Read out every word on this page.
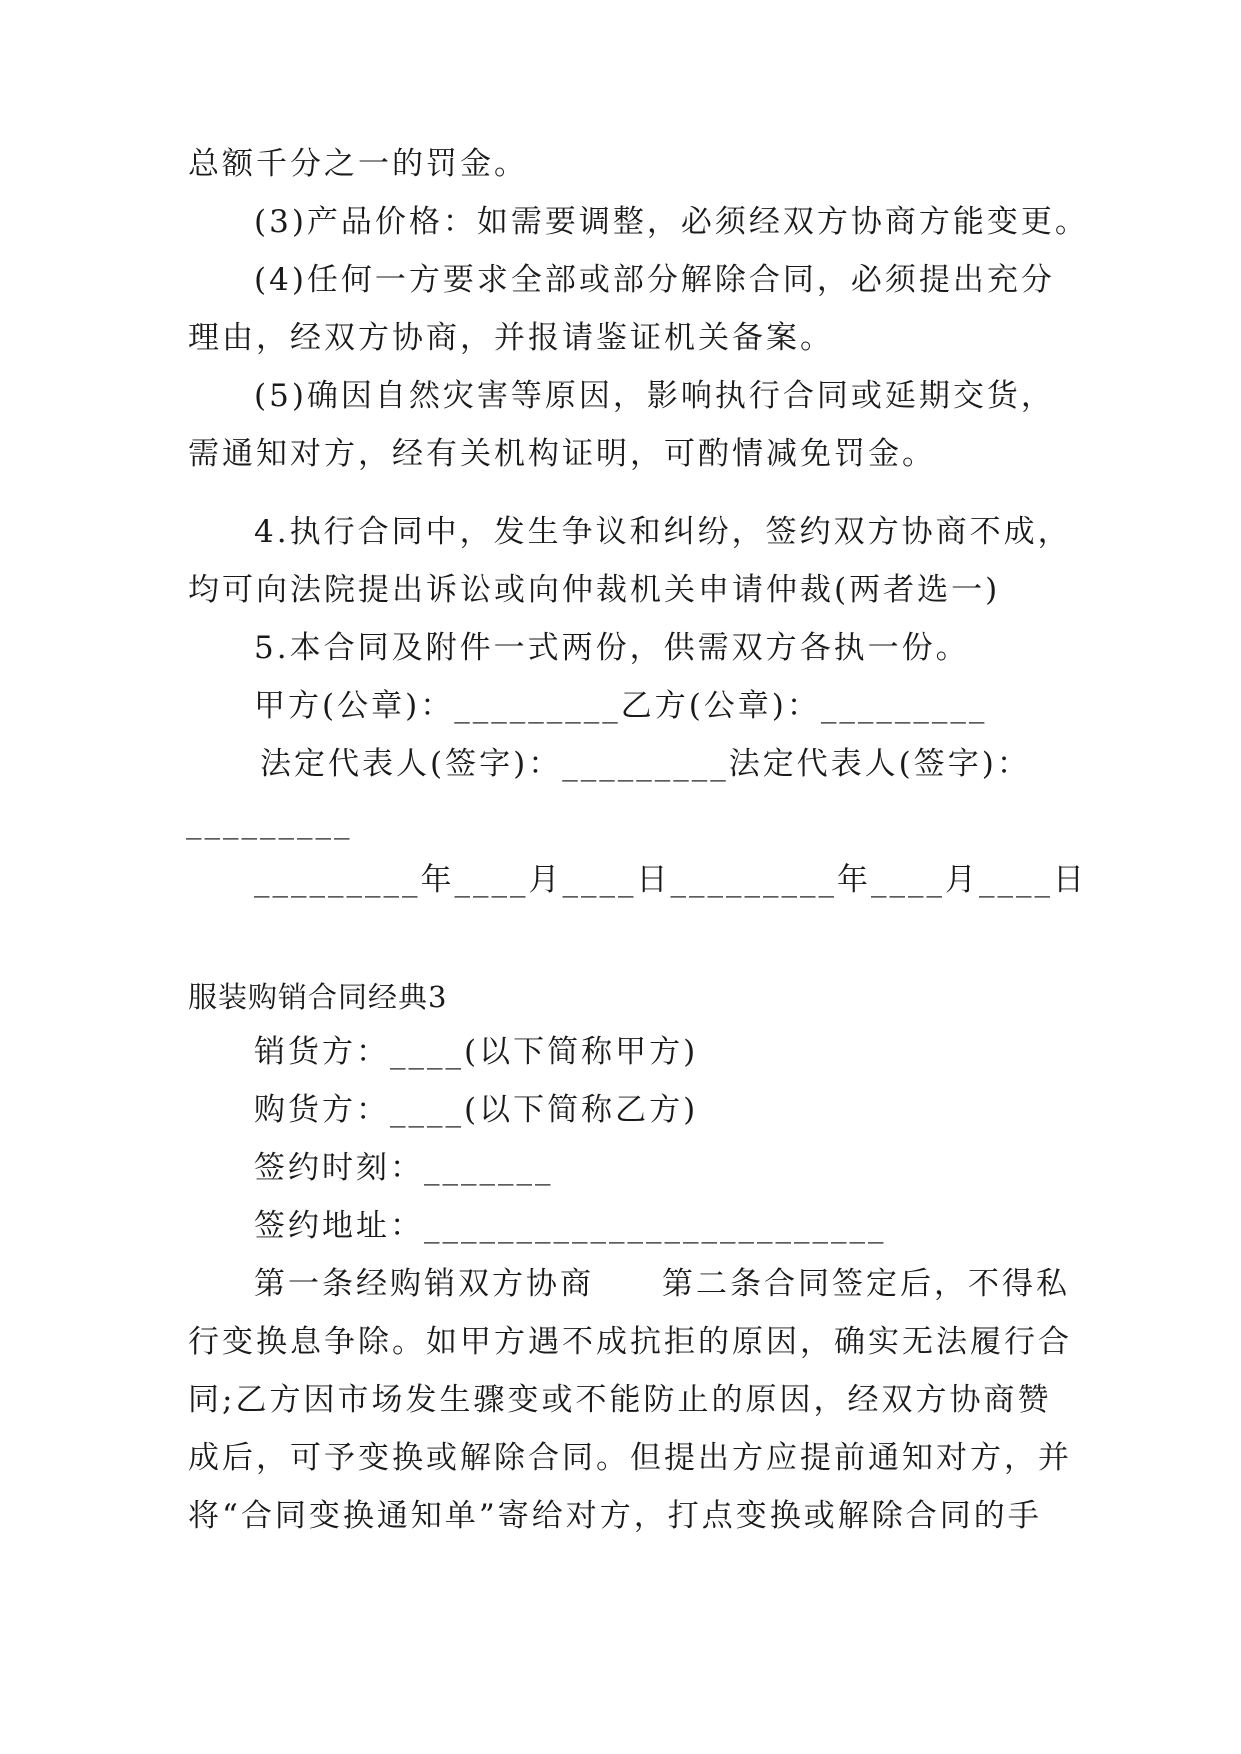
总额千分之一的罚金。
(3)产品价格：如需要调整，必须经双方协商方能变更。
(4)任何一方要求全部或部分解除合同，必须提出充分
理由，经双方协商，并报请鉴证机关备案。
(5)确因自然灾害等原因，影响执行合同或延期交货，
需通知对方，经有关机构证明，可酌情减免罚金。
4.执行合同中，发生争议和纠纷，签约双方协商不成，
均可向法院提出诉讼或向仲裁机关申请仲裁(两者选一)
5.本合同及附件一式两份，供需双方各执一份。
甲方(公章)：_________乙方(公章)：_________
法定代表人(签字)：_________法定代表人(签字)：
_________
_________年____月____日_________年____月____日
服装购销合同经典3
销货方：____(以下简称甲方)
购货方：____(以下简称乙方)
签约时刻：_______
签约地址：_________________________
第一条经购销双方协商　　第二条合同签定后，不得私
行变换息争除。如甲方遇不成抗拒的原因，确实无法履行合
同;乙方因市场发生骤变或不能防止的原因，经双方协商赞
成后，可予变换或解除合同。但提出方应提前通知对方，并
将“合同变换通知单”寄给对方，打点变换或解除合同的手
